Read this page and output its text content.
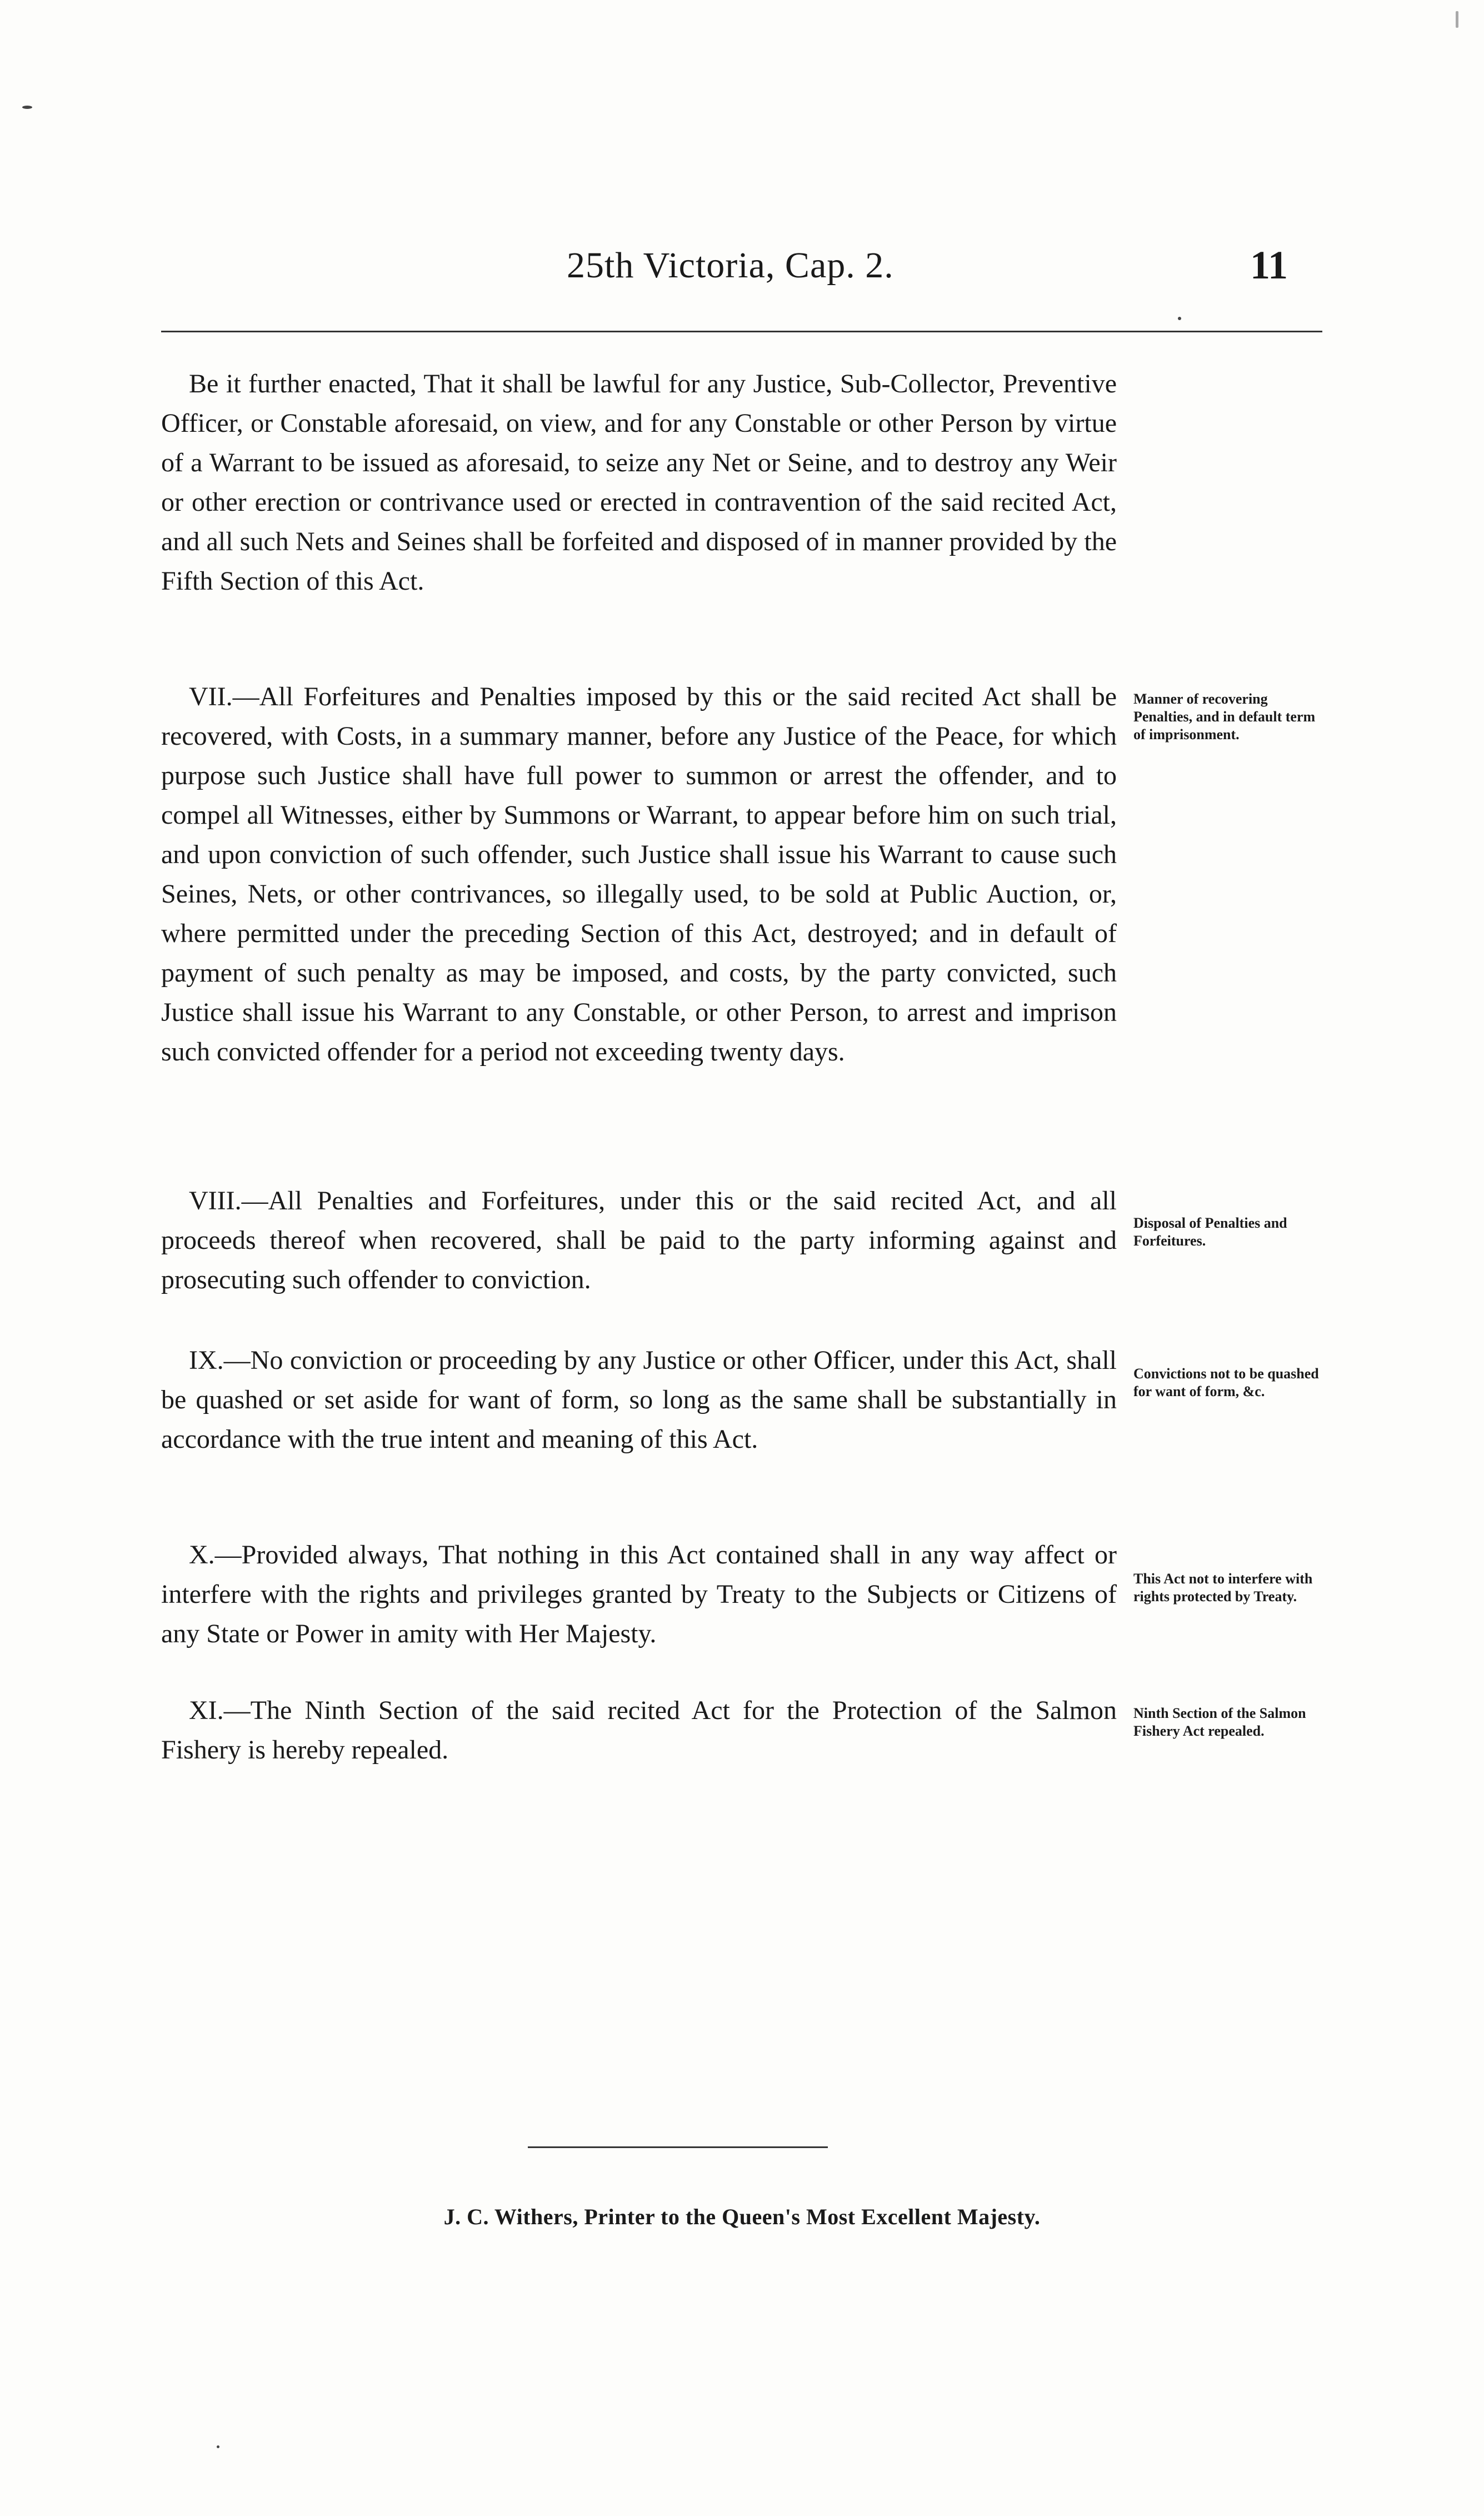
25th Victoria, Cap. 2.	11
Be it further enacted, That it shall be lawful for any Justice, Sub-Collector, Preventive Officer, or Constable aforesaid, on view, and for any Constable or other Person by virtue of a Warrant to be issued as aforesaid, to seize any Net or Seine, and to destroy any Weir or other erection or contrivance used or erected in contravention of the said recited Act, and all such Nets and Seines shall be forfeited and disposed of in manner provided by the Fifth Section of this Act.
VII.—All Forfeitures and Penalties imposed by this or the said recited Act shall be recovered, with Costs, in a summary manner, before any Justice of the Peace, for which purpose such Justice shall have full power to summon or arrest the offender, and to compel all Witnesses, either by Summons or Warrant, to appear before him on such trial, and upon conviction of such offender, such Justice shall issue his Warrant to cause such Seines, Nets, or other contrivances, so illegally used, to be sold at Public Auction, or, where permitted under the preceding Section of this Act, destroyed; and in default of payment of such penalty as may be imposed, and costs, by the party convicted, such Justice shall issue his Warrant to any Constable, or other Person, to arrest and imprison such convicted offender for a period not exceeding twenty days.
Manner of recovering Penalties, and in default term of imprisonment.
VIII.—All Penalties and Forfeitures, under this or the said recited Act, and all proceeds thereof when recovered, shall be paid to the party informing against and prosecuting such offender to conviction.
Disposal of Penalties and Forfeitures.
IX.—No conviction or proceeding by any Justice or other Officer, under this Act, shall be quashed or set aside for want of form, so long as the same shall be substantially in accordance with the true intent and meaning of this Act.
Convictions not to be quashed for want of form, &c.
X.—Provided always, That nothing in this Act contained shall in any way affect or interfere with the rights and privileges granted by Treaty to the Subjects or Citizens of any State or Power in amity with Her Majesty.
This Act not to interfere with rights protected by Treaty.
XI.—The Ninth Section of the said recited Act for the Protection of the Salmon Fishery is hereby repealed.
Ninth Section of the Salmon Fishery Act repealed.
J. C. Withers, Printer to the Queen's Most Excellent Majesty.
